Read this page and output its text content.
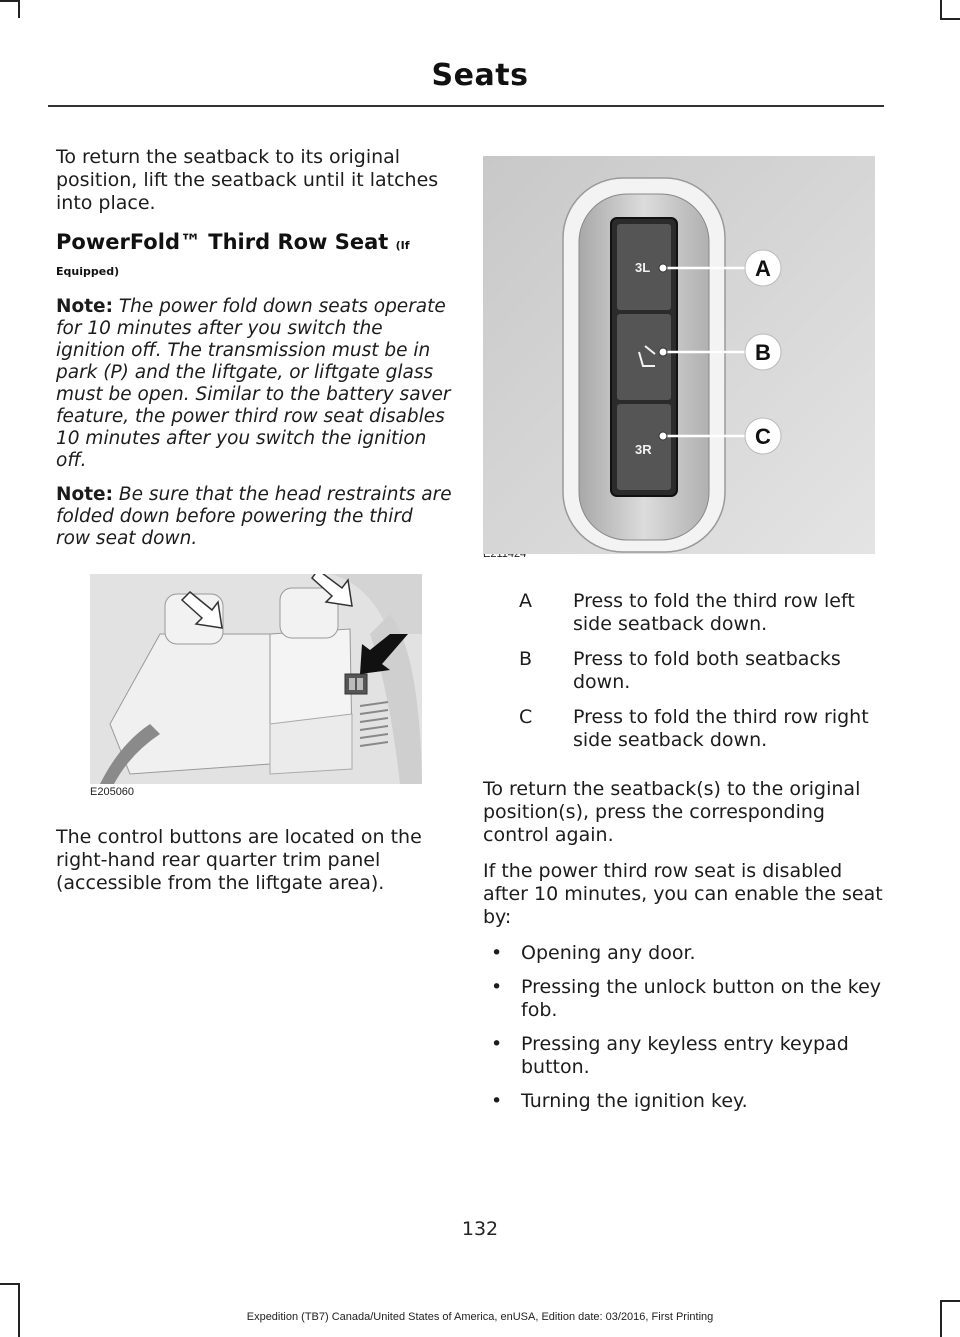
Seats

To return the seatback to its original position, lift the seatback until it latches into place.

PowerFold™ Third Row Seat (If
Equipped)

Note: The power fold down seats operate for 10 minutes after you switch the ignition off. The transmission must be in park (P) and the liftgate, or liftgate glass must be open. Similar to the battery saver feature, the power third row seat disables 10 minutes after you switch the ignition off.

Note: Be sure that the head restraints are folded down before powering the third row seat down.

E205060

The control buttons are located on the right-hand rear quarter trim panel (accessible from the liftgate area).

3L
3R
A
B
C
A	Press to fold the third row left side seatback down.
B	Press to fold both seatbacks down.
C	Press to fold the third row right side seatback down.

To return the seatback(s) to the original position(s), press the corresponding control again.

If the power third row seat is disabled after 10 minutes, you can enable the seat by:

• Opening any door.
• Pressing the unlock button on the key fob.
• Pressing any keyless entry keypad button.
• Turning the ignition key.
132
Expedition (TB7) Canada/United States of America, enUSA, Edition date: 03/2016, First Printing
